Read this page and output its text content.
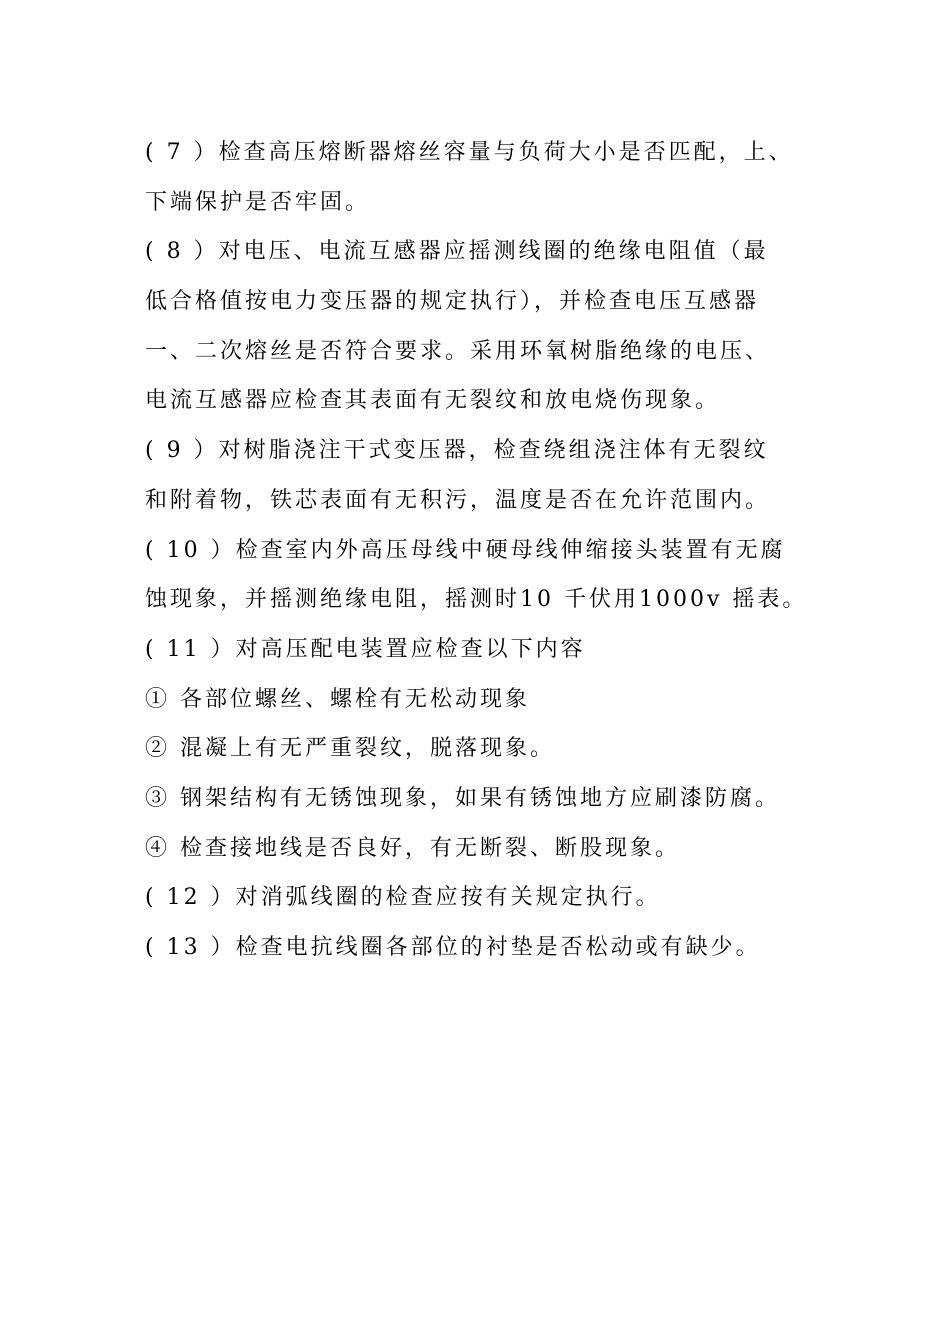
( 7 ）检查高压熔断器熔丝容量与负荷大小是否匹配，上、
下端保护是否牢固。
( 8 ）对电压、电流互感器应摇测线圈的绝缘电阻值（最
低合格值按电力变压器的规定执行），并检查电压互感器
一、二次熔丝是否符合要求。采用环氧树脂绝缘的电压、
电流互感器应检查其表面有无裂纹和放电烧伤现象。
( 9 ）对树脂浇注干式变压器，检查绕组浇注体有无裂纹
和附着物，铁芯表面有无积污，温度是否在允许范围内。
( 10 ）检查室内外高压母线中硬母线伸缩接头装置有无腐
蚀现象，并摇测绝缘电阻，摇测时10 千伏用1000v 摇表。
( 11 ）对高压配电装置应检查以下内容
① 各部位螺丝、螺栓有无松动现象
② 混凝上有无严重裂纹，脱落现象。
③ 钢架结构有无锈蚀现象，如果有锈蚀地方应刷漆防腐。
④ 检查接地线是否良好，有无断裂、断股现象。
( 12 ）对消弧线圈的检查应按有关规定执行。
( 13 ）检查电抗线圈各部位的衬垫是否松动或有缺少。
